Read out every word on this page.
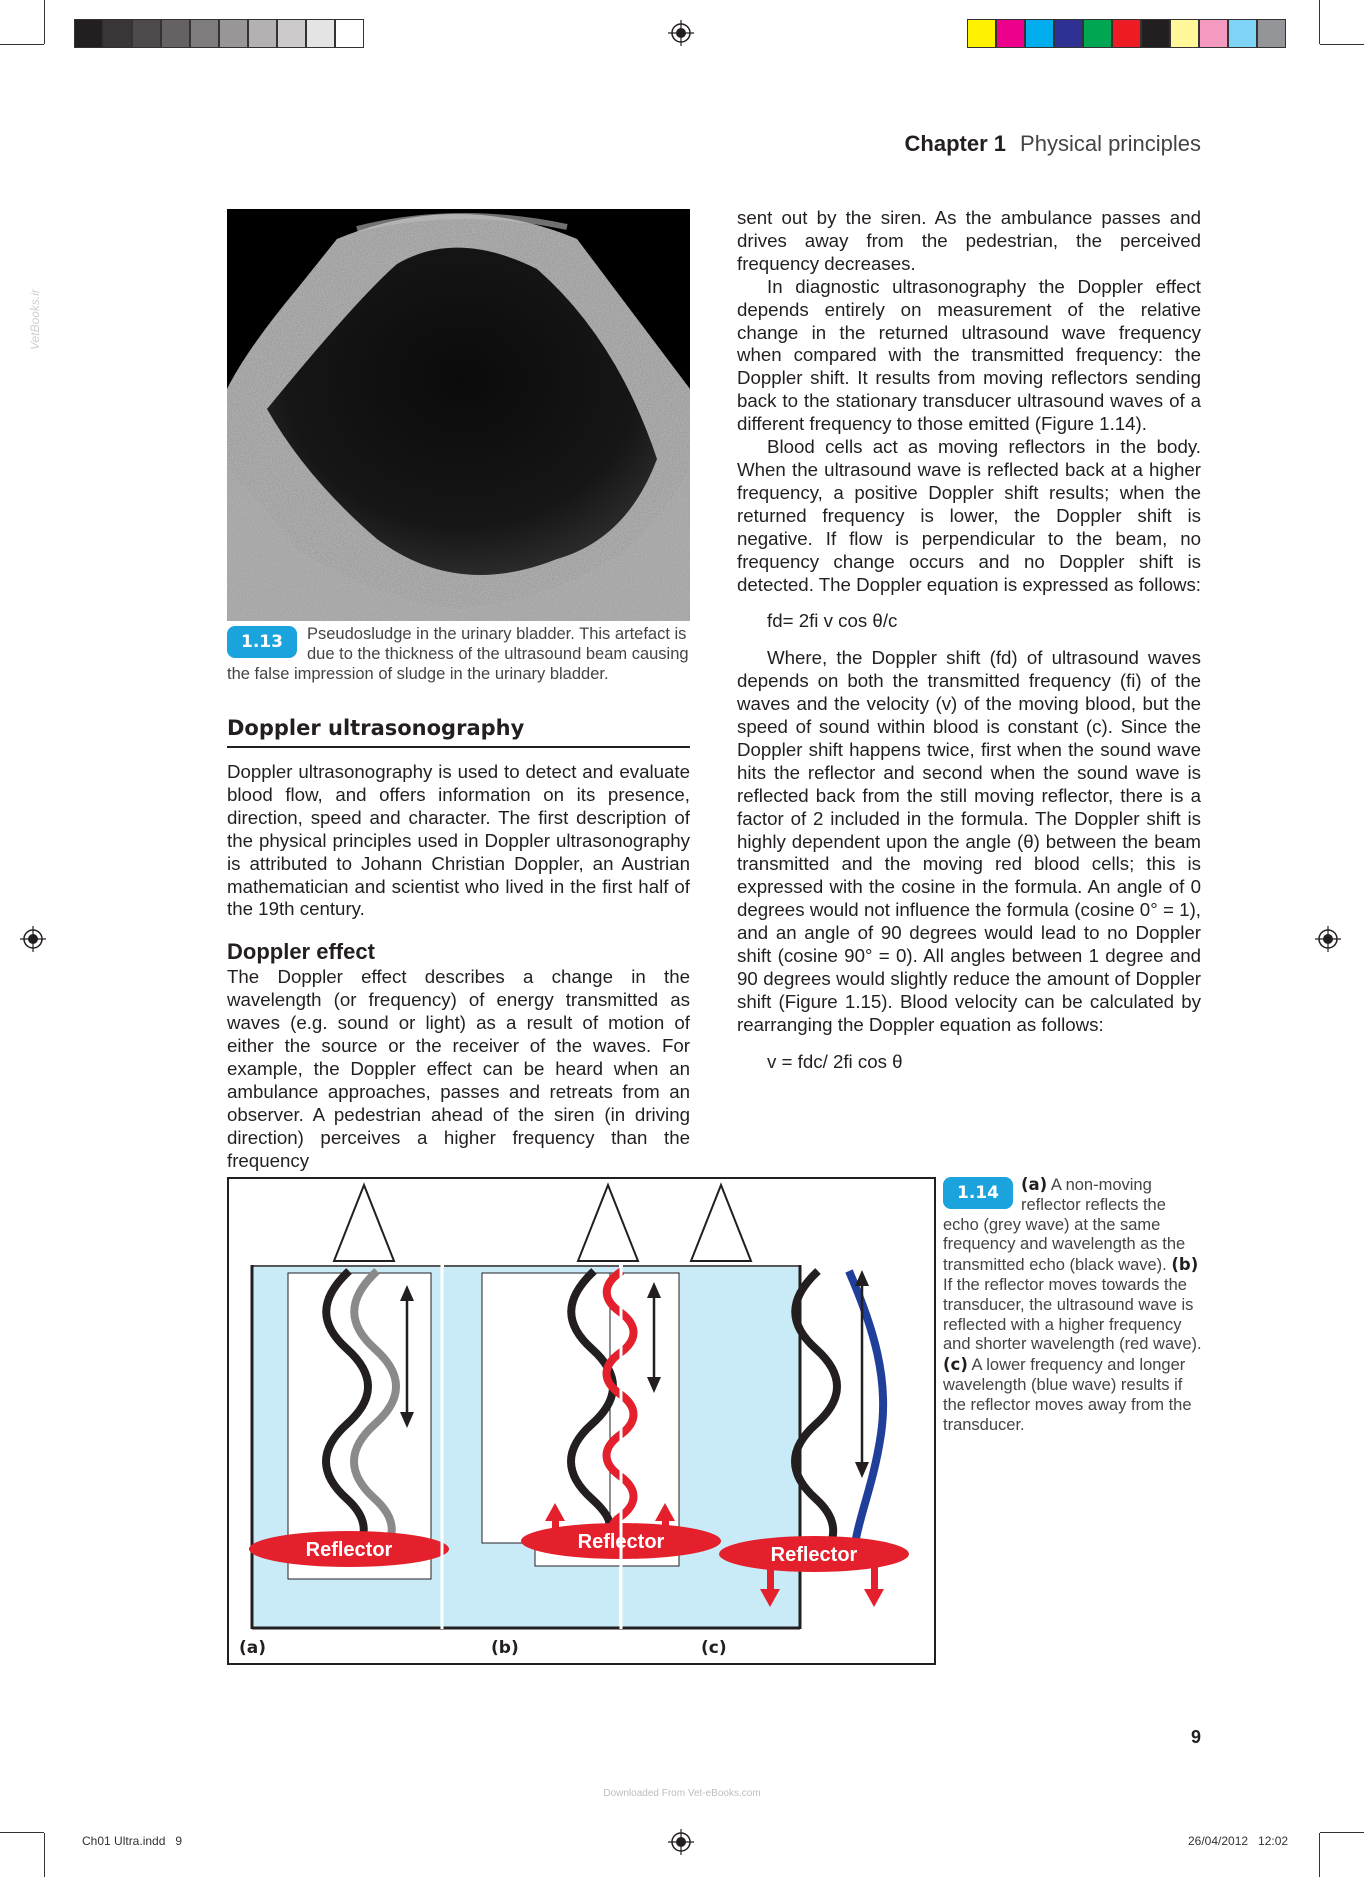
VetBooks.ir
Chapter 1 Physical principles
1.13	Pseudosludge in the urinary bladder. This artefact is due to the thickness of the ultrasound beam causing the false impression of sludge in the urinary bladder.
Doppler ultrasonography

Doppler ultrasonography is used to detect and evaluate blood flow, and offers information on its presence, direction, speed and character. The first description of the physical principles used in Doppler ultrasonography is attributed to Johann Christian Doppler, an Austrian mathematician and scientist who lived in the first half of the 19th century.

Doppler effect

The Doppler effect describes a change in the wavelength (or frequency) of energy transmitted as waves (e.g. sound or light) as a result of motion of either the source or the receiver of the waves. For example, the Doppler effect can be heard when an ambulance approaches, passes and retreats from an observer. A pedestrian ahead of the siren (in driving direction) perceives a higher frequency than the frequency

sent out by the siren. As the ambulance passes and drives away from the pedestrian, the perceived frequency decreases.

In diagnostic ultrasonography the Doppler effect depends entirely on measurement of the relative change in the returned ultrasound wave frequency when compared with the transmitted frequency: the Doppler shift. It results from moving reflectors sending back to the stationary transducer ultrasound waves of a different frequency to those emitted (Figure 1.14).

Blood cells act as moving reflectors in the body. When the ultrasound wave is reflected back at a higher frequency, a positive Doppler shift results; when the returned frequency is lower, the Doppler shift is negative. If flow is perpendicular to the beam, no frequency change occurs and no Doppler shift is detected. The Doppler equation is expressed as follows:

fd= 2fi v cos θ/c

Where, the Doppler shift (fd) of ultrasound waves depends on both the transmitted frequency (fi) of the waves and the velocity (v) of the moving blood, but the speed of sound within blood is constant (c). Since the Doppler shift happens twice, first when the sound wave hits the reflector and second when the sound wave is reflected back from the still moving reflector, there is a factor of 2 included in the formula. The Doppler shift is highly dependent upon the angle (θ) between the beam transmitted and the moving red blood cells; this is expressed with the cosine in the formula. An angle of 0 degrees would not influence the formula (cosine 0° = 1), and an angle of 90 degrees would lead to no Doppler shift (cosine 90° = 0). All angles between 1 degree and 90 degrees would slightly reduce the amount of Doppler shift (Figure 1.15). Blood velocity can be calculated by rearranging the Doppler equation as follows:

v = fdc/ 2fi cos θ

Reflector	Reflector
Reflector
(a)	(b)	(c)
1.14	(a) A non-moving reflector reflects the echo (grey wave) at the same frequency and wavelength as the transmitted echo (black wave). (b) If the reflector moves towards the transducer, the ultrasound wave is reflected with a higher frequency and shorter wavelength (red wave). (c) A lower frequency and longer wavelength (blue wave) results if the reflector moves away from the transducer.
9
Downloaded From Vet-eBooks.com
Ch01 Ultra.indd   9	26/04/2012   12:02
